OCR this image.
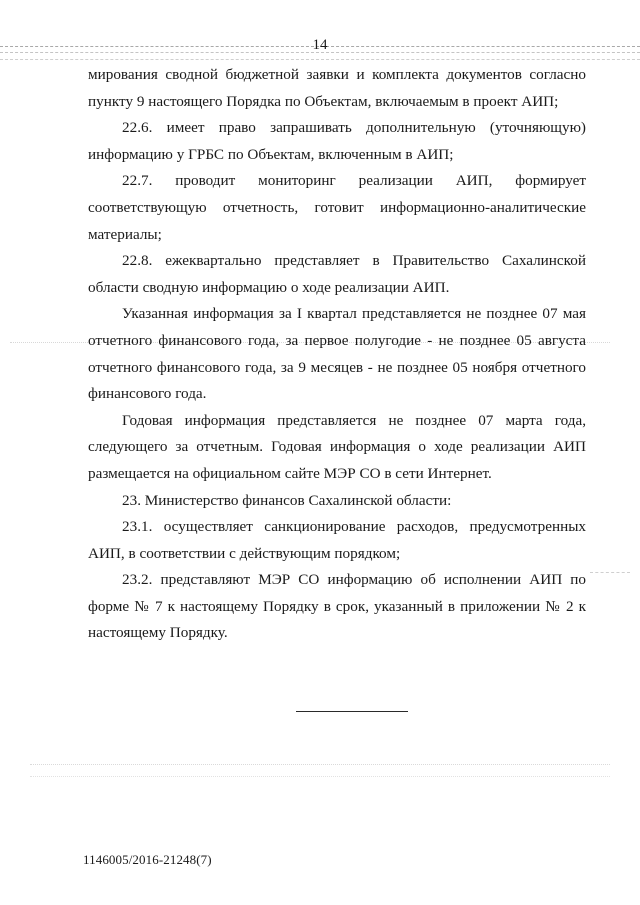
14

мирования сводной бюджетной заявки и комплекта документов согласно пункту 9 настоящего Порядка по Объектам, включаемым в проект АИП;

22.6. имеет право запрашивать дополнительную (уточняющую) информацию у ГРБС по Объектам, включенным в АИП;

22.7. проводит мониторинг реализации АИП, формирует соответствующую отчетность, готовит информационно-аналитические материалы;

22.8. ежеквартально представляет в Правительство Сахалинской области сводную информацию о ходе реализации АИП.

Указанная информация за I квартал представляется не позднее 07 мая отчетного финансового года, за первое полугодие - не позднее 05 августа отчетного финансового года, за 9 месяцев - не позднее 05 ноября отчетного финансового года.

Годовая информация представляется не позднее 07 марта года, следующего за отчетным. Годовая информация о ходе реализации АИП размещается на официальном сайте МЭР СО в сети Интернет.

23. Министерство финансов Сахалинской области:

23.1. осуществляет санкционирование расходов, предусмотренных АИП, в соответствии с действующим порядком;

23.2. представляют МЭР СО информацию об исполнении АИП по форме № 7 к настоящему Порядку в срок, указанный в приложении № 2 к настоящему Порядку.

1146005/2016-21248(7)
